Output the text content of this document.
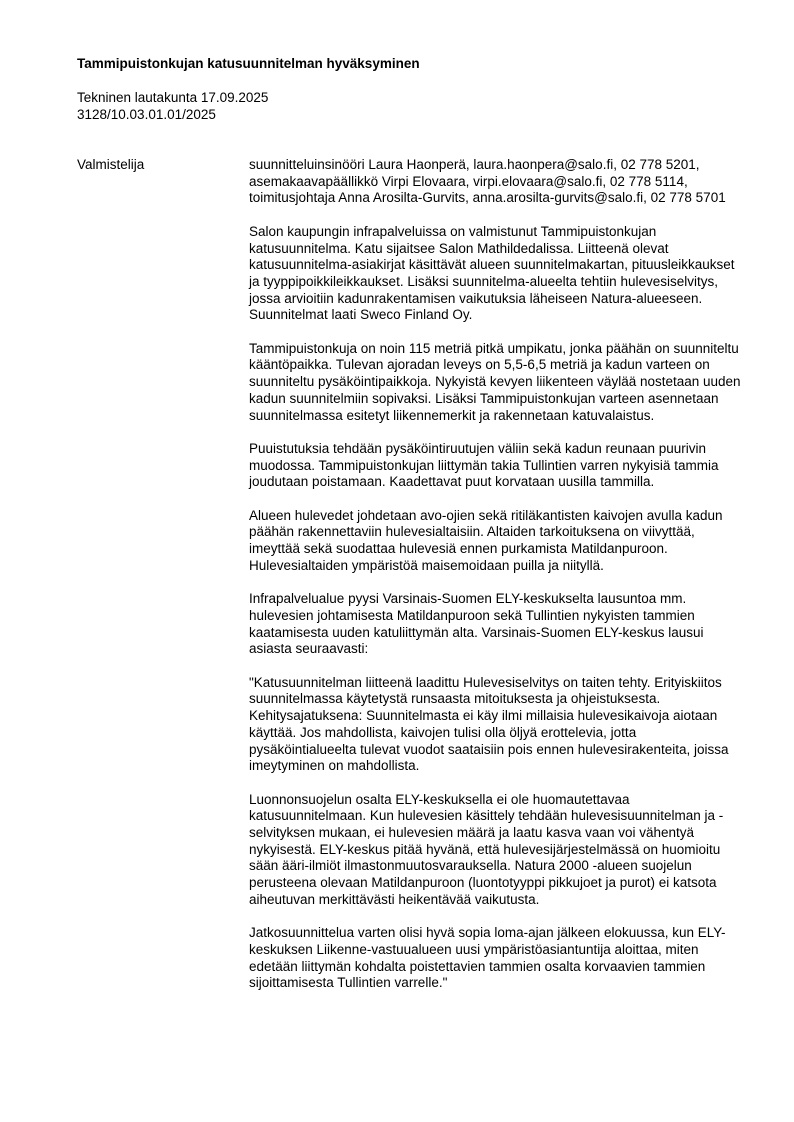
Tammipuistonkujan katusuunnitelman hyväksyminen
Tekninen lautakunta 17.09.2025
3128/10.03.01.01/2025
Valmistelija	suunnitteluinsinööri Laura Haonperä, laura.haonpera@salo.fi, 02 778 5201, asemakaavapäällikkö Virpi Elovaara, virpi.elovaara@salo.fi, 02 778 5114, toimitusjohtaja Anna Arosilta-Gurvits, anna.arosilta-gurvits@salo.fi, 02 778 5701

Salon kaupungin infrapalveluissa on valmistunut Tammipuistonkujan katusuunnitelma. Katu sijaitsee Salon Mathildedalissa. Liitteenä olevat katusuunnitelma-asiakirjat käsittävät alueen suunnitelmakartan, pituusleikkaukset ja tyyppipoikkileikkaukset. Lisäksi suunnitelma-alueelta tehtiin hulevesiselvitys, jossa arvioitiin kadunrakentamisen vaikutuksia läheiseen Natura-alueeseen. Suunnitelmat laati Sweco Finland Oy.

Tammipuistonkuja on noin 115 metriä pitkä umpikatu, jonka päähän on suunniteltu kääntöpaikka. Tulevan ajoradan leveys on 5,5-6,5 metriä ja kadun varteen on suunniteltu pysäköintipaikkoja. Nykyistä kevyen liikenteen väylää nostetaan uuden kadun suunnitelmiin sopivaksi. Lisäksi Tammipuistonkujan varteen asennetaan suunnitelmassa esitetyt liikennemerkit ja rakennetaan katuvalaistus.

Puuistutuksia tehdään pysäköintiruutujen väliin sekä kadun reunaan puurivin muodossa. Tammipuistonkujan liittymän takia Tullintien varren nykyisiä tammia joudutaan poistamaan. Kaadettavat puut korvataan uusilla tammilla.

Alueen hulevedet johdetaan avo-ojien sekä ritiläkantisten kaivojen avulla kadun päähän rakennettaviin hulevesialtaisiin. Altaiden tarkoituksena on viivyttää, imeyttää sekä suodattaa hulevesiä ennen purkamista Matildanpuroon. Hulevesialtaiden ympäristöä maisemoidaan puilla ja niityllä.

Infrapalvelualue pyysi Varsinais-Suomen ELY-keskukselta lausuntoa mm. hulevesien johtamisesta Matildanpuroon sekä Tullintien nykyisten tammien kaatamisesta uuden katuliittymän alta. Varsinais-Suomen ELY-keskus lausui asiasta seuraavasti:

"Katusuunnitelman liitteenä laadittu Hulevesiselvitys on taiten tehty. Erityiskiitos suunnitelmassa käytetystä runsaasta mitoituksesta ja ohjeistuksesta. Kehitysajatuksena: Suunnitelmasta ei käy ilmi millaisia hulevesikaivoja aiotaan käyttää. Jos mahdollista, kaivojen tulisi olla öljyä erottelevia, jotta pysäköintialueelta tulevat vuodot saataisiin pois ennen hulevesirakenteita, joissa imeytyminen on mahdollista.

Luonnonsuojelun osalta ELY-keskuksella ei ole huomautettavaa katusuunnitelmaan. Kun hulevesien käsittely tehdään hulevesisuunnitelman ja -selvityksen mukaan, ei hulevesien määrä ja laatu kasva vaan voi vähentyä nykyisestä. ELY-keskus pitää hyvänä, että hulevesijärjestelmässä on huomioitu sään ääri-ilmiöt ilmastonmuutosvarauksella. Natura 2000 -alueen suojelun perusteena olevaan Matildanpuroon (luontotyyppi pikkujoet ja purot) ei katsota aiheutuvan merkittävästi heikentävää vaikutusta.

Jatkosuunnittelua varten olisi hyvä sopia loma-ajan jälkeen elokuussa, kun ELY-keskuksen Liikenne-vastuualueen uusi ympäristöasiantuntija aloittaa, miten edetään liittymän kohdalta poistettavien tammien osalta korvaavien tammien sijoittamisesta Tullintien varrelle."
